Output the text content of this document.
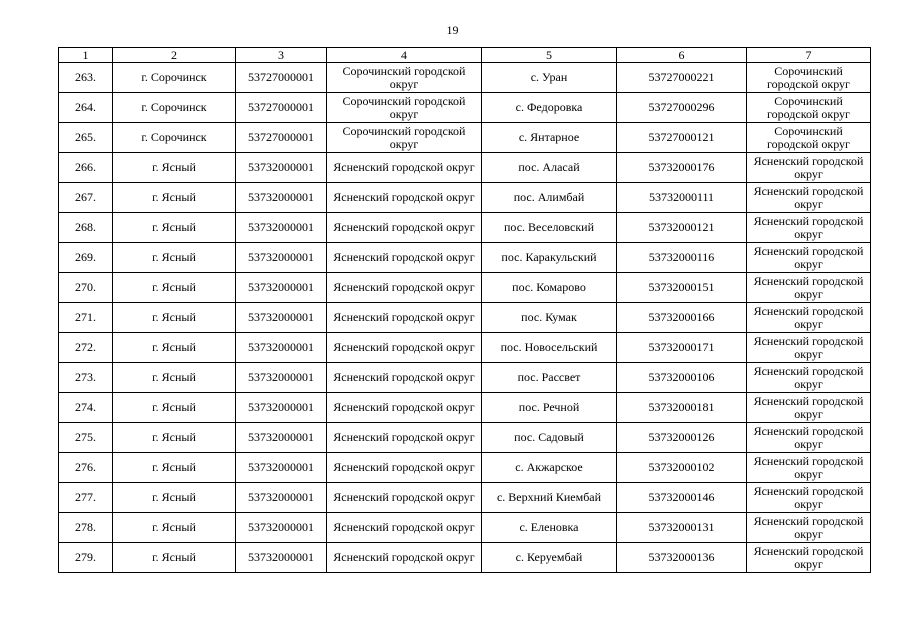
19
1	2	3	4	5	6	7
263.	г. Сорочинск	53727000001	Сорочинский городской округ	с. Уран	53727000221	Сорочинский городской округ
264.	г. Сорочинск	53727000001	Сорочинский городской округ	с. Федоровка	53727000296	Сорочинский городской округ
265.	г. Сорочинск	53727000001	Сорочинский городской округ	с. Янтарное	53727000121	Сорочинский городской округ
266.	г. Ясный	53732000001	Ясненский городской округ	пос. Аласай	53732000176	Ясненский городской округ
267.	г. Ясный	53732000001	Ясненский городской округ	пос. Алимбай	53732000111	Ясненский городской округ
268.	г. Ясный	53732000001	Ясненский городской округ	пос. Веселовский	53732000121	Ясненский городской округ
269.	г. Ясный	53732000001	Ясненский городской округ	пос. Каракульский	53732000116	Ясненский городской округ
270.	г. Ясный	53732000001	Ясненский городской округ	пос. Комарово	53732000151	Ясненский городской округ
271.	г. Ясный	53732000001	Ясненский городской округ	пос. Кумак	53732000166	Ясненский городской округ
272.	г. Ясный	53732000001	Ясненский городской округ	пос. Новосельский	53732000171	Ясненский городской округ
273.	г. Ясный	53732000001	Ясненский городской округ	пос. Рассвет	53732000106	Ясненский городской округ
274.	г. Ясный	53732000001	Ясненский городской округ	пос. Речной	53732000181	Ясненский городской округ
275.	г. Ясный	53732000001	Ясненский городской округ	пос. Садовый	53732000126	Ясненский городской округ
276.	г. Ясный	53732000001	Ясненский городской округ	с. Акжарское	53732000102	Ясненский городской округ
277.	г. Ясный	53732000001	Ясненский городской округ	с. Верхний Киембай	53732000146	Ясненский городской округ
278.	г. Ясный	53732000001	Ясненский городской округ	с. Еленовка	53732000131	Ясненский городской округ
279.	г. Ясный	53732000001	Ясненский городской округ	с. Керуембай	53732000136	Ясненский городской округ
